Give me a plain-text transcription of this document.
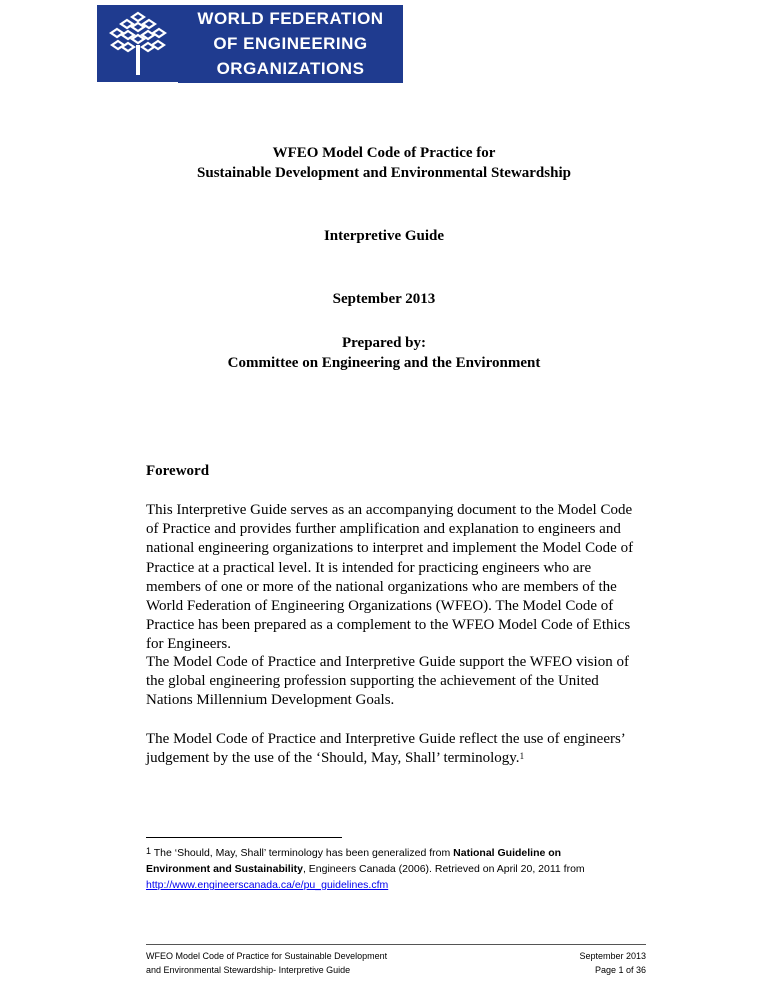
WORLD FEDERATION
OF ENGINEERING
ORGANIZATIONS
WFEO Model Code of Practice for
Sustainable Development and Environmental Stewardship
Interpretive Guide
September 2013
Prepared by:
Committee on Engineering and the Environment
Foreword
This Interpretive Guide serves as an accompanying document to the Model Code of Practice and provides further amplification and explanation to engineers and national engineering organizations to interpret and implement the Model Code of Practice at a practical level. It is intended for practicing engineers who are members of one or more of the national organizations who are members of the World Federation of Engineering Organizations (WFEO). The Model Code of Practice has been prepared as a complement to the WFEO Model Code of Ethics for Engineers.
The Model Code of Practice and Interpretive Guide support the WFEO vision of the global engineering profession supporting the achievement of the United Nations Millennium Development Goals.
The Model Code of Practice and Interpretive Guide reflect the use of engineers’ judgement by the use of the ‘Should, May, Shall’ terminology.$^1$
$^1$ The ‘Should, May, Shall’ terminology has been generalized from National Guideline on Environment and Sustainability, Engineers Canada (2006). Retrieved on April 20, 2011 from http://www.engineerscanada.ca/e/pu_guidelines.cfm
WFEO Model Code of Practice for Sustainable Development
and Environmental Stewardship- Interpretive Guide
September 2013
Page 1 of 36
